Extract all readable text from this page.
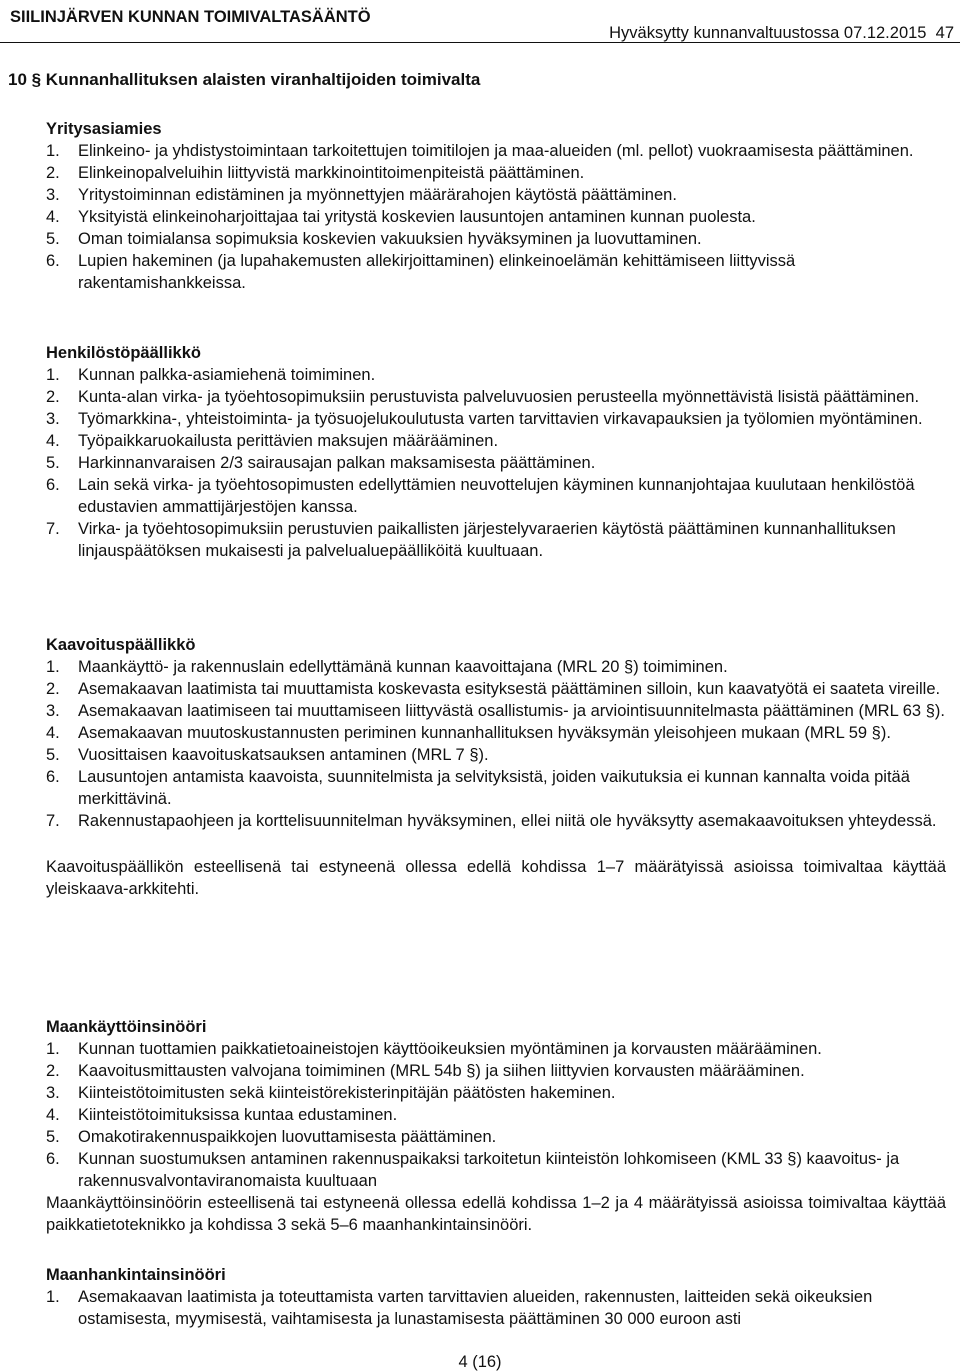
SIILINJÄRVEN KUNNAN TOIMIVALTASÄÄNTÖ
Hyväksytty kunnanvaltuustossa 07.12.2015 47
10 § Kunnanhallituksen alaisten viranhaltijoiden toimivalta
Yritysasiamies
1. Elinkeino- ja yhdistystoimintaan tarkoitettujen toimitilojen ja maa-alueiden (ml. pellot) vuokraamisesta päättäminen.
2. Elinkeinopalveluihin liittyvistä markkinointitoimenpiteistä päättäminen.
3. Yritystoiminnan edistäminen ja myönnettyjen määrärahojen käytöstä päättäminen.
4. Yksityistä elinkeinoharjoittajaa tai yritystä koskevien lausuntojen antaminen kunnan puolesta.
5. Oman toimialansa sopimuksia koskevien vakuuksien hyväksyminen ja luovuttaminen.
6. Lupien hakeminen (ja lupahakemusten allekirjoittaminen) elinkeinoelämän kehittämiseen liittyvissä rakentamishankkeissa.
Henkilöstöpäällikkö
1. Kunnan palkka-asiamiehenä toimiminen.
2. Kunta-alan virka- ja työehtosopimuksiin perustuvista palveluvuosien perusteella myönnettävistä lisistä päättäminen.
3. Työmarkkina-, yhteistoiminta- ja työsuojelukoulutusta varten tarvittavien virkavapauksien ja työlomien myöntäminen.
4. Työpaikkaruokailusta perittävien maksujen määrääminen.
5. Harkinnanvaraisen 2/3 sairausajan palkan maksamisesta päättäminen.
6. Lain sekä virka- ja työehtosopimusten edellyttämien neuvottelujen käyminen kunnanjohtajaa kuulutaan henkilöstöä edustavien ammattijärjestöjen kanssa.
7. Virka- ja työehtosopimuksiin perustuvien paikallisten järjestelyvaraerien käytöstä päättäminen kunnanhallituksen linjauspäätöksen mukaisesti ja palvelualuepäälliköitä kuultuaan.
Kaavoituspäällikkö
1. Maankäyttö- ja rakennuslain edellyttämänä kunnan kaavoittajana (MRL 20 §) toimiminen.
2. Asemakaavan laatimista tai muuttamista koskevasta esityksestä päättäminen silloin, kun kaavatyötä ei saateta vireille.
3. Asemakaavan laatimiseen tai muuttamiseen liittyvästä osallistumis- ja arviointisuunnitelmasta päättäminen (MRL 63 §).
4. Asemakaavan muutoskustannusten periminen kunnanhallituksen hyväksymän yleisohjeen mukaan (MRL 59 §).
5. Vuosittaisen kaavoituskatsauksen antaminen (MRL 7 §).
6. Lausuntojen antamista kaavoista, suunnitelmista ja selvityksistä, joiden vaikutuksia ei kunnan kannalta voida pitää merkittävinä.
7. Rakennustapaohjeen ja korttelisuunnitelman hyväksyminen, ellei niitä ole hyväksytty asemakaavoituksen yhteydessä.
Kaavoituspäällikön esteellisenä tai estyneenä ollessa edellä kohdissa 1–7 määrätyissä asioissa toimivaltaa käyttää yleiskaava-arkkitehti.
Maankäyttöinsinööri
1. Kunnan tuottamien paikkatietoaineistojen käyttöoikeuksien myöntäminen ja korvausten määrääminen.
2. Kaavoitusmittausten valvojana toimiminen (MRL 54b §) ja siihen liittyvien korvausten määrääminen.
3. Kiinteistötoimitusten sekä kiinteistörekisterinpitäjän päätösten hakeminen.
4. Kiinteistötoimituksissa kuntaa edustaminen.
5. Omakotirakennuspaikkojen luovuttamisesta päättäminen.
6. Kunnan suostumuksen antaminen rakennuspaikaksi tarkoitetun kiinteistön lohkomiseen (KML 33 §) kaavoitus- ja rakennusvalvontaviranomaista kuultuaan
Maankäyttöinsinöörin esteellisenä tai estyneenä ollessa edellä kohdissa 1–2 ja 4 määrätyissä asioissa toimivaltaa käyttää paikkatietoteknikko ja kohdissa 3 sekä 5–6 maanhankintainsinööri.
Maanhankintainsinööri
1. Asemakaavan laatimista ja toteuttamista varten tarvittavien alueiden, rakennusten, laitteiden sekä oikeuksien ostamisesta, myymisestä, vaihtamisesta ja lunastamisesta päättäminen 30 000 euroon asti
4 (16)
